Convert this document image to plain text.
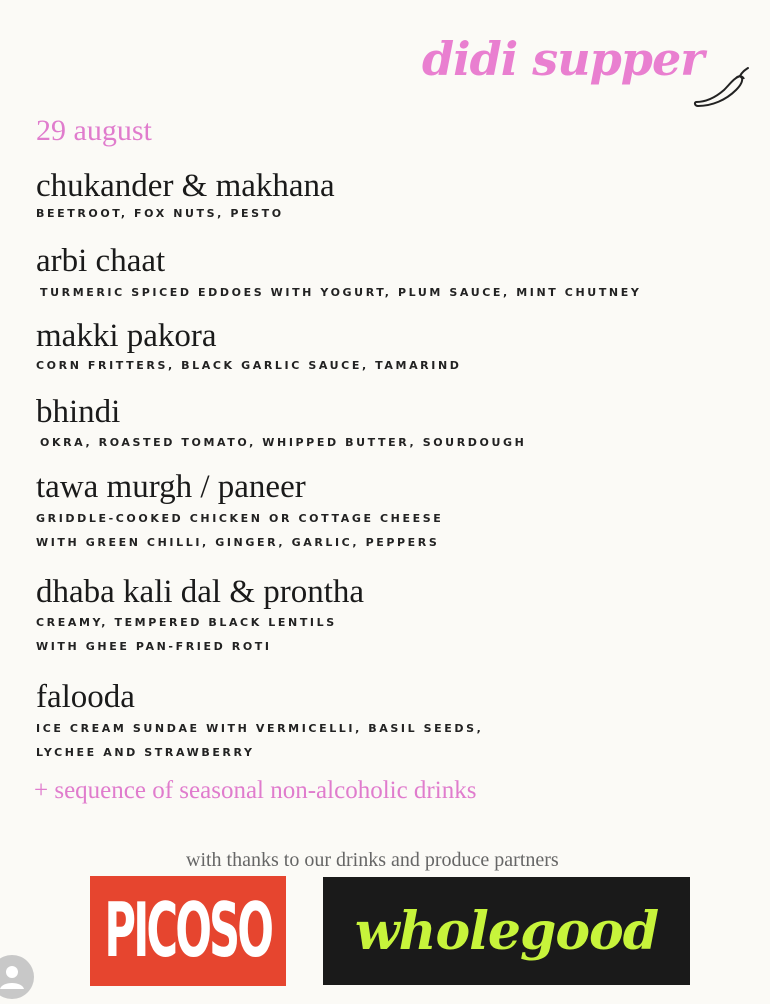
didi supper
29 august
chukander & makhana
BEETROOT, FOX NUTS, PESTO
arbi chaat
TURMERIC SPICED EDDOES WITH YOGURT, PLUM SAUCE, MINT CHUTNEY
makki pakora
CORN FRITTERS, BLACK GARLIC SAUCE, TAMARIND
bhindi
OKRA, ROASTED TOMATO, WHIPPED BUTTER, SOURDOUGH
tawa murgh / paneer
GRIDDLE-COOKED CHICKEN OR COTTAGE CHEESE
WITH GREEN CHILLI, GINGER, GARLIC, PEPPERS
dhaba kali dal & prontha
CREAMY, TEMPERED BLACK LENTILS
WITH GHEE PAN-FRIED ROTI
falooda
ICE CREAM SUNDAE WITH VERMICELLI, BASIL SEEDS,
LYCHEE AND STRAWBERRY
+ sequence of seasonal non-alcoholic drinks
with thanks to our drinks and produce partners
PICOSO wholegood
